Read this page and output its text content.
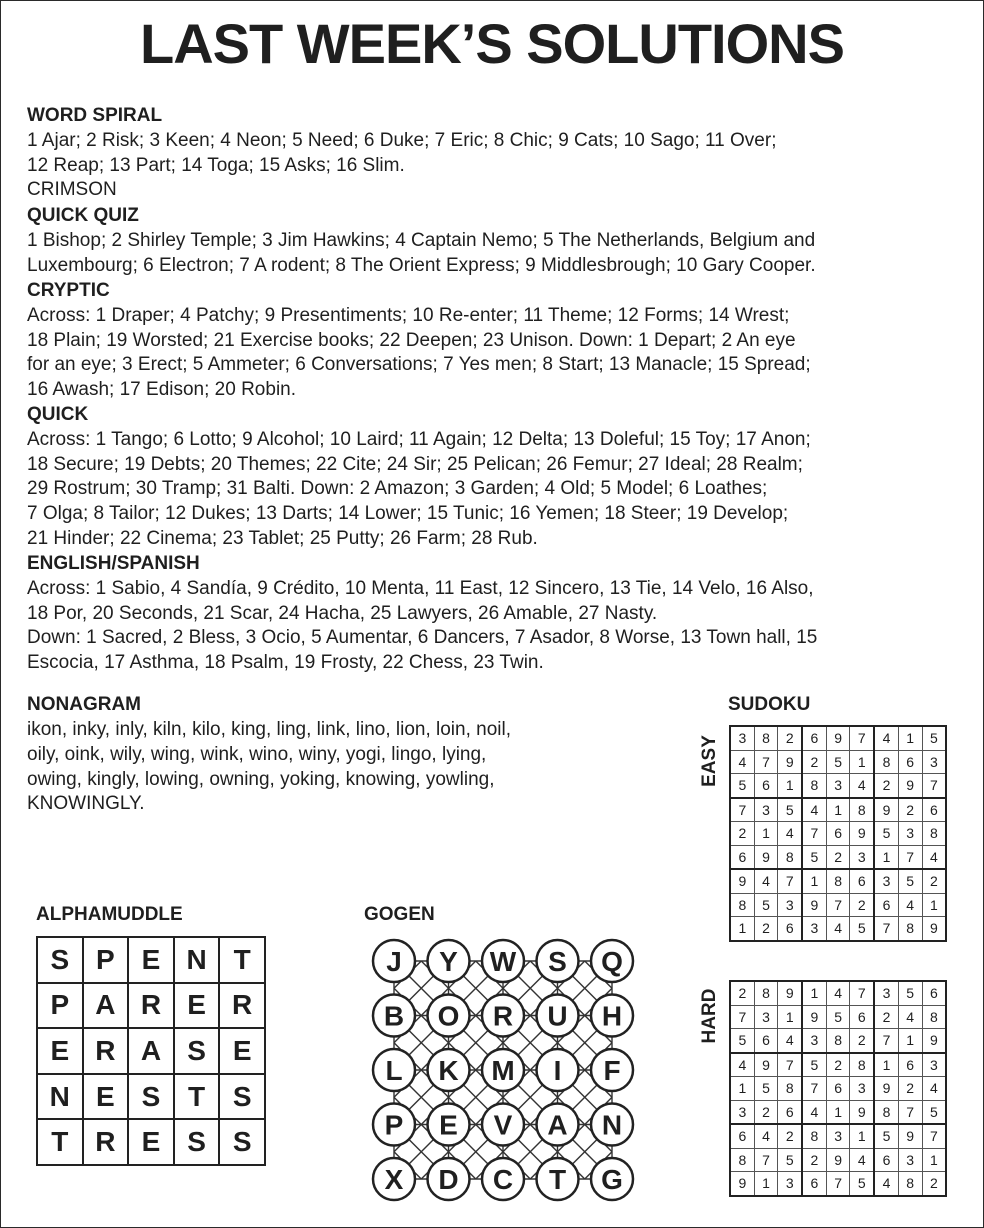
LAST WEEK’S SOLUTIONS
WORD SPIRAL

1 Ajar; 2 Risk; 3 Keen; 4 Neon; 5 Need; 6 Duke; 7 Eric; 8 Chic; 9 Cats; 10 Sago; 11 Over;

12 Reap; 13 Part; 14 Toga; 15 Asks; 16 Slim.

CRIMSON

QUICK QUIZ

1 Bishop; 2 Shirley Temple; 3 Jim Hawkins; 4 Captain Nemo; 5 The Netherlands, Belgium and

Luxembourg; 6 Electron; 7 A rodent; 8 The Orient Express; 9 Middlesbrough; 10 Gary Cooper.

CRYPTIC

Across: 1 Draper; 4 Patchy; 9 Presentiments; 10 Re-enter; 11 Theme; 12 Forms; 14 Wrest;

18 Plain; 19 Worsted; 21 Exercise books; 22 Deepen; 23 Unison. Down: 1 Depart; 2 An eye

for an eye; 3 Erect; 5 Ammeter; 6 Conversations; 7 Yes men; 8 Start; 13 Manacle; 15 Spread;

16 Awash; 17 Edison; 20 Robin.

QUICK

Across: 1 Tango; 6 Lotto; 9 Alcohol; 10 Laird; 11 Again; 12 Delta; 13 Doleful; 15 Toy; 17 Anon;

18 Secure; 19 Debts; 20 Themes; 22 Cite; 24 Sir; 25 Pelican; 26 Femur; 27 Ideal; 28 Realm;

29 Rostrum; 30 Tramp; 31 Balti. Down: 2 Amazon; 3 Garden; 4 Old; 5 Model; 6 Loathes;

7 Olga; 8 Tailor; 12 Dukes; 13 Darts; 14 Lower; 15 Tunic; 16 Yemen; 18 Steer; 19 Develop;

21 Hinder; 22 Cinema; 23 Tablet; 25 Putty; 26 Farm; 28 Rub.

ENGLISH/SPANISH

Across: 1 Sabio, 4 Sandía, 9 Crédito, 10 Menta, 11 East, 12 Sincero, 13 Tie, 14 Velo, 16 Also,

18 Por, 20 Seconds, 21 Scar, 24 Hacha, 25 Lawyers, 26 Amable, 27 Nasty.

Down: 1 Sacred, 2 Bless, 3 Ocio, 5 Aumentar, 6 Dancers, 7 Asador, 8 Worse, 13 Town hall, 15

Escocia, 17 Asthma, 18 Psalm, 19 Frosty, 22 Chess, 23 Twin.

NONAGRAM
ikon, inky, inly, kiln, kilo, king, ling, link, lino, lion, loin, noil,
oily, oink, wily, wing, wink, wino, winy, yogi, lingo, lying,
owing, kingly, lowing, owning, yoking, knowing, yowling,
KNOWINGLY.
ALPHAMUDDLE
S	P	E	N	T
P	A	R	E	R
E	R	A	S	E
N	E	S	T	S
T	R	E	S	S
GOGEN
J Y W S Q
B O R U H
L K M I F
P E V A N
X D C T G
SUDOKU
EASY
HARD
3	8	2	6	9	7	4	1	5
4	7	9	2	5	1	8	6	3
5	6	1	8	3	4	2	9	7
7	3	5	4	1	8	9	2	6
2	1	4	7	6	9	5	3	8
6	9	8	5	2	3	1	7	4
9	4	7	1	8	6	3	5	2
8	5	3	9	7	2	6	4	1
1	2	6	3	4	5	7	8	9
2	8	9	1	4	7	3	5	6
7	3	1	9	5	6	2	4	8
5	6	4	3	8	2	7	1	9
4	9	7	5	2	8	1	6	3
1	5	8	7	6	3	9	2	4
3	2	6	4	1	9	8	7	5
6	4	2	8	3	1	5	9	7
8	7	5	2	9	4	6	3	1
9	1	3	6	7	5	4	8	2
